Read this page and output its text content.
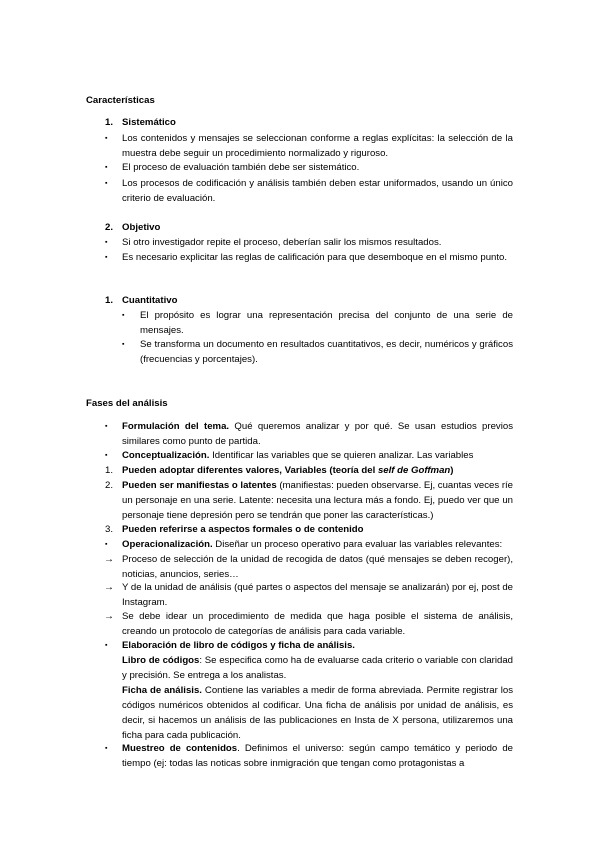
Características
1. Sistemático
▪ Los contenidos y mensajes se seleccionan conforme a reglas explícitas: la selección de la muestra debe seguir un procedimiento normalizado y riguroso.
▪ El proceso de evaluación también debe ser sistemático.
▪ Los procesos de codificación y análisis también deben estar uniformados, usando un único criterio de evaluación.
2. Objetivo
▪ Si otro investigador repite el proceso, deberían salir los mismos resultados.
▪ Es necesario explicitar las reglas de calificación para que desemboque en el mismo punto.
1. Cuantitativo
▪ El propósito es lograr una representación precisa del conjunto de una serie de mensajes.
▪ Se transforma un documento en resultados cuantitativos, es decir, numéricos y gráficos (frecuencias y porcentajes).
Fases del análisis
▪ Formulación del tema. Qué queremos analizar y por qué. Se usan estudios previos similares como punto de partida.
▪ Conceptualización. Identificar las variables que se quieren analizar. Las variables
1. Pueden adoptar diferentes valores, Variables (teoría del self de Goffman)
2. Pueden ser manifiestas o latentes (manifiestas: pueden observarse. Ej, cuantas veces ríe un personaje en una serie. Latente: necesita una lectura más a fondo. Ej, puedo ver que un personaje tiene depresión pero se tendrán que poner las características.)
3. Pueden referirse a aspectos formales o de contenido
▪ Operacionalización. Diseñar un proceso operativo para evaluar las variables relevantes:
→ Proceso de selección de la unidad de recogida de datos (qué mensajes se deben recoger), noticias, anuncios, series…
→ Y de la unidad de análisis (qué partes o aspectos del mensaje se analizarán) por ej, post de Instagram.
→ Se debe idear un procedimiento de medida que haga posible el sistema de análisis, creando un protocolo de categorías de análisis para cada variable.
▪ Elaboración de libro de códigos y ficha de análisis.
Libro de códigos: Se especifica como ha de evaluarse cada criterio o variable con claridad y precisión. Se entrega a los analistas.
Ficha de análisis. Contiene las variables a medir de forma abreviada. Permite registrar los códigos numéricos obtenidos al codificar. Una ficha de análisis por unidad de análisis, es decir, si hacemos un análisis de las publicaciones en Insta de X persona, utilizaremos una ficha para cada publicación.
▪ Muestreo de contenidos. Definimos el universo: según campo temático y periodo de tiempo (ej: todas las noticas sobre inmigración que tengan como protagonistas a
